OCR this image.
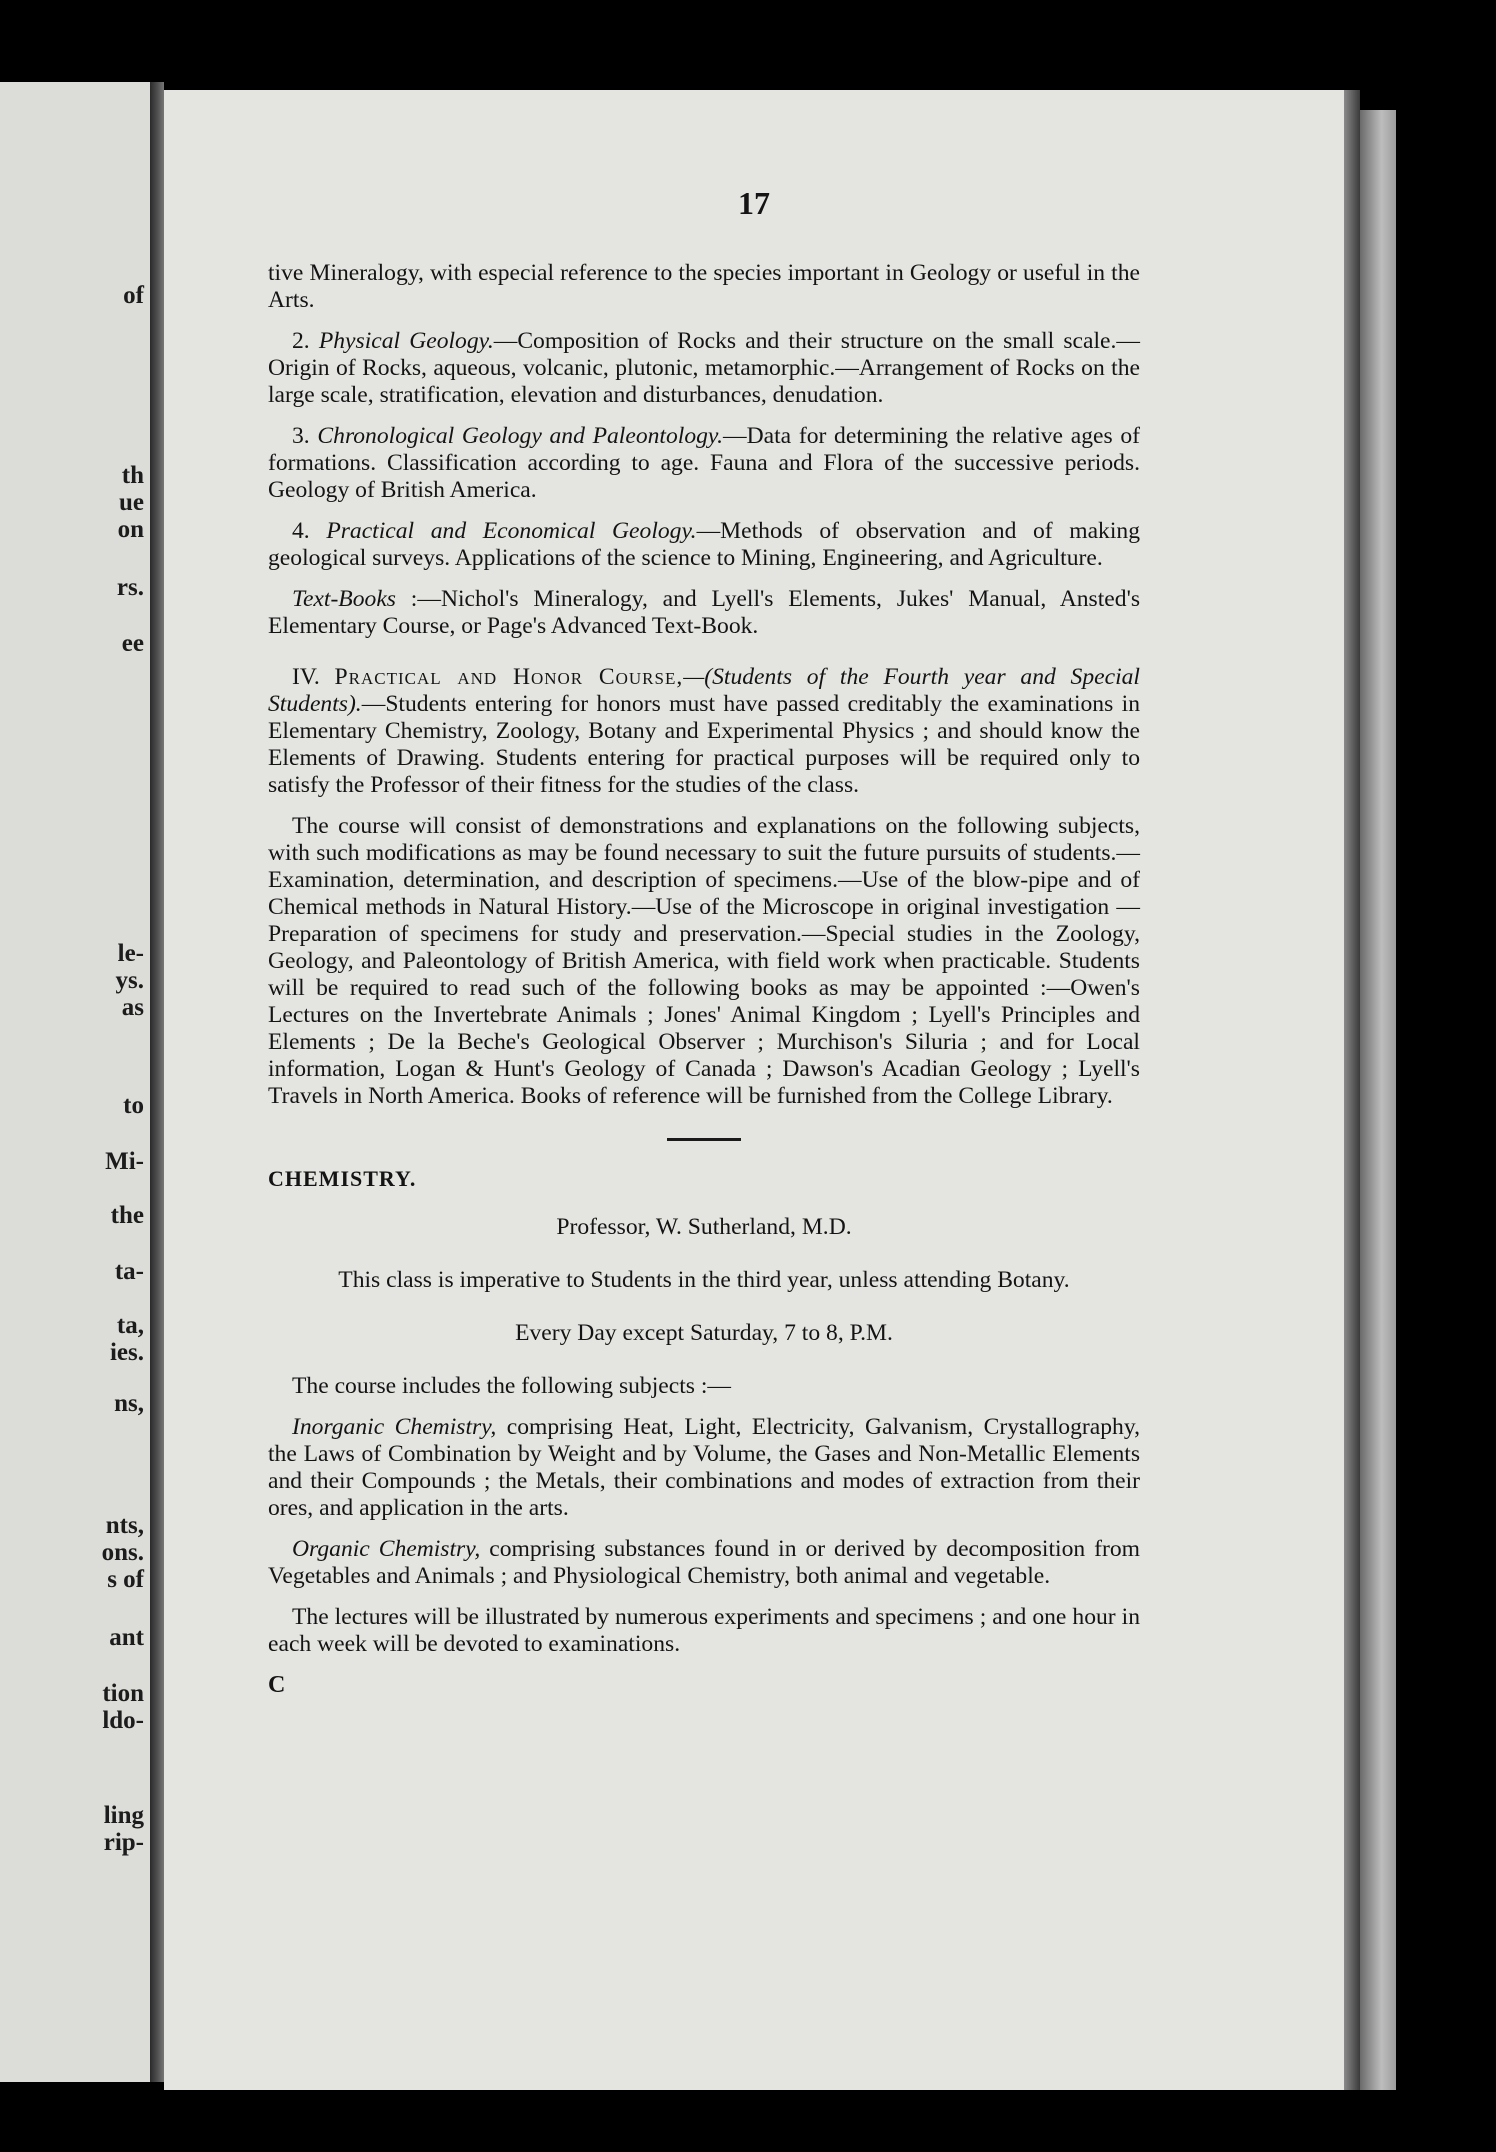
of
th
ue
on
rs.
ee
le-
ys.
as
to
Mi-
the
ta-
ta,
ies.
ns,
nts,
ons.
s of
ant
tion
ldo-
ling
rip-
17

tive Mineralogy, with especial reference to the species important in Geology or useful in the Arts.

2. Physical Geology.—Composition of Rocks and their structure on the small scale.—Origin of Rocks, aqueous, volcanic, plutonic, metamorphic.—Arrangement of Rocks on the large scale, stratification, elevation and disturbances, denudation.

3. Chronological Geology and Paleontology.—Data for determining the relative ages of formations. Classification according to age. Fauna and Flora of the successive periods. Geology of British America.

4. Practical and Economical Geology.—Methods of observation and of making geological surveys. Applications of the science to Mining, Engineering, and Agriculture.

Text-Books :—Nichol's Mineralogy, and Lyell's Elements, Jukes' Manual, Ansted's Elementary Course, or Page's Advanced Text-Book.

IV. Practical and Honor Course,—(Students of the Fourth year and Special Students).—Students entering for honors must have passed creditably the examinations in Elementary Chemistry, Zoology, Botany and Experimental Physics ; and should know the Elements of Drawing. Students entering for practical purposes will be required only to satisfy the Professor of their fitness for the studies of the class.

The course will consist of demonstrations and explanations on the following subjects, with such modifications as may be found necessary to suit the future pursuits of students.—Examination, determination, and description of specimens.—Use of the blow-pipe and of Chemical methods in Natural History.—Use of the Microscope in original investigation —Preparation of specimens for study and preservation.—Special studies in the Zoology, Geology, and Paleontology of British America, with field work when practicable. Students will be required to read such of the following books as may be appointed :—Owen's Lectures on the Invertebrate Animals ; Jones' Animal Kingdom ; Lyell's Principles and Elements ; De la Beche's Geological Observer ; Murchison's Siluria ; and for Local information, Logan & Hunt's Geology of Canada ; Dawson's Acadian Geology ; Lyell's Travels in North America. Books of reference will be furnished from the College Library.

CHEMISTRY.

Professor, W. Sutherland, M.D.

This class is imperative to Students in the third year, unless attending Botany.

Every Day except Saturday, 7 to 8, P.M.

The course includes the following subjects :—

Inorganic Chemistry, comprising Heat, Light, Electricity, Galvanism, Crystallography, the Laws of Combination by Weight and by Volume, the Gases and Non-Metallic Elements and their Compounds ; the Metals, their combinations and modes of extraction from their ores, and application in the arts.

Organic Chemistry, comprising substances found in or derived by decomposition from Vegetables and Animals ; and Physiological Chemistry, both animal and vegetable.

The lectures will be illustrated by numerous experiments and specimens ; and one hour in each week will be devoted to examinations.

C
